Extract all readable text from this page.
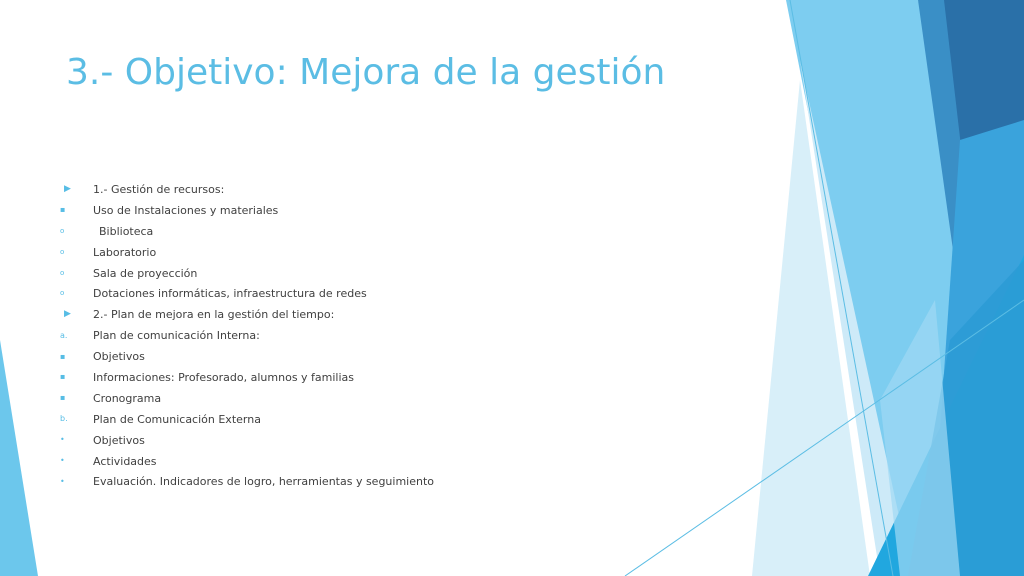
3.- Objetivo: Mejora de la gestión
▶	1.- Gestión de recursos:
▪	Uso de Instalaciones y materiales
o	Biblioteca
o	Laboratorio
o	Sala de proyección
o	Dotaciones informáticas, infraestructura de redes
▶	2.- Plan de mejora en la gestión del tiempo:
a.	Plan de comunicación Interna:
▪	Objetivos
▪	Informaciones: Profesorado, alumnos y familias
▪	Cronograma
b.	Plan de Comunicación Externa
•	Objetivos
•	Actividades
•	Evaluación. Indicadores de logro, herramientas y seguimiento
